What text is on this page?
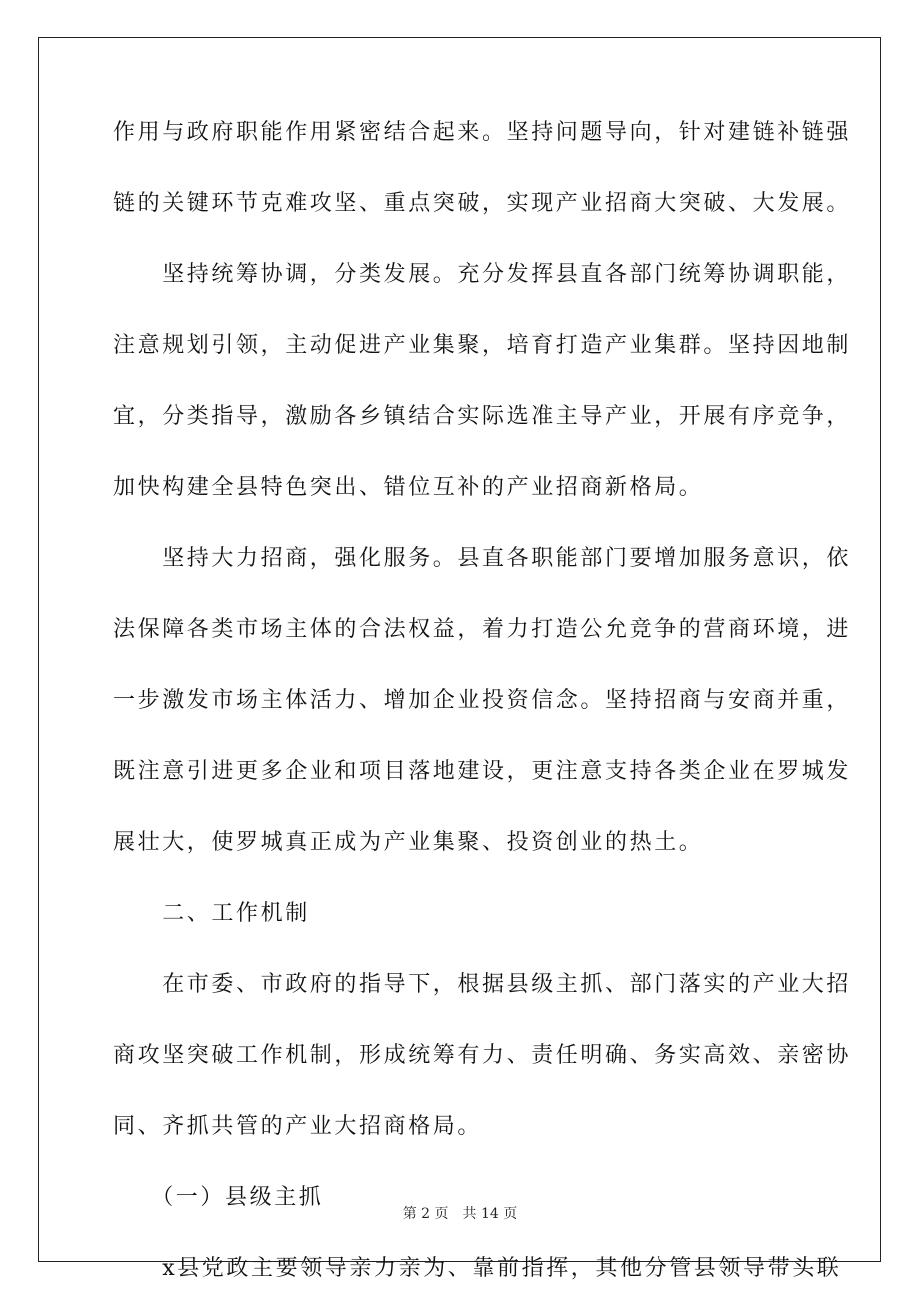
作用与政府职能作用紧密结合起来。坚持问题导向，针对建链补链强
链的关键环节克难攻坚、重点突破，实现产业招商大突破、大发展。
　　坚持统筹协调，分类发展。充分发挥县直各部门统筹协调职能，
注意规划引领，主动促进产业集聚，培育打造产业集群。坚持因地制
宜，分类指导，激励各乡镇结合实际选准主导产业，开展有序竞争，
加快构建全县特色突出、错位互补的产业招商新格局。
　　坚持大力招商，强化服务。县直各职能部门要增加服务意识，依
法保障各类市场主体的合法权益，着力打造公允竞争的营商环境，进
一步激发市场主体活力、增加企业投资信念。坚持招商与安商并重，
既注意引进更多企业和项目落地建设，更注意支持各类企业在罗城发
展壮大，使罗城真正成为产业集聚、投资创业的热土。
　　二、工作机制
　　在市委、市政府的指导下，根据县级主抓、部门落实的产业大招
商攻坚突破工作机制，形成统筹有力、责任明确、务实高效、亲密协
同、齐抓共管的产业大招商格局。
　　（一）县级主抓
　　x县党政主要领导亲力亲为、靠前指挥，其他分管县领导带头联
第 2 页　共 14 页
